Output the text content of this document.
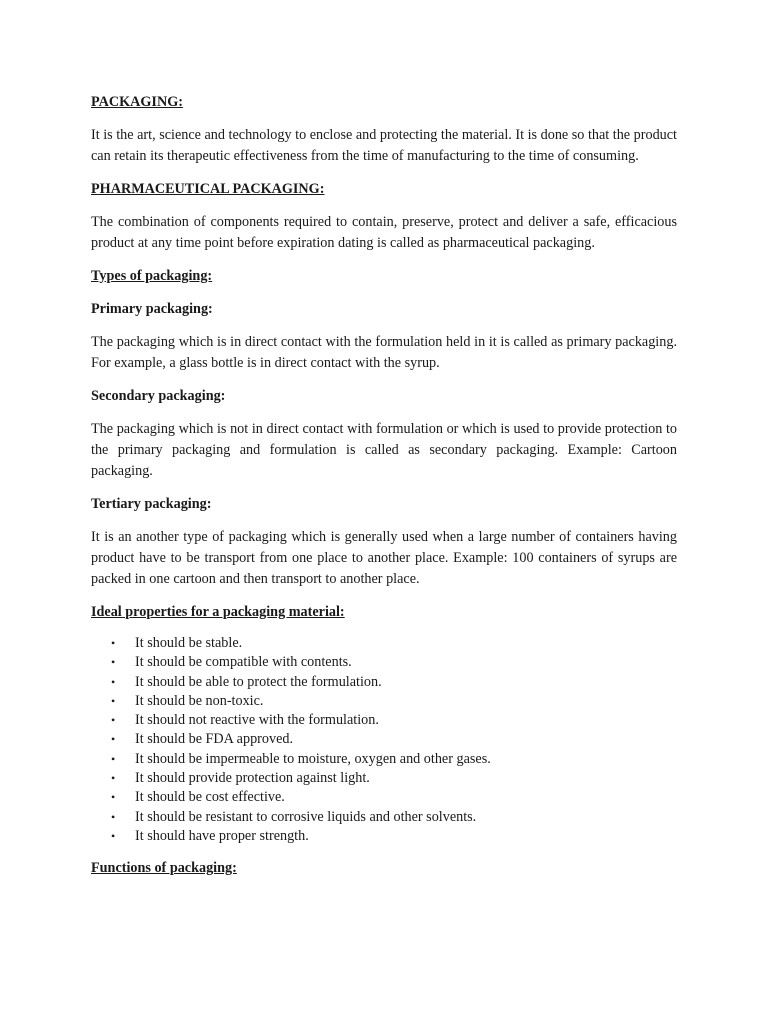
PACKAGING:

It is the art, science and technology to enclose and protecting the material. It is done so that the product can retain its therapeutic effectiveness from the time of manufacturing to the time of consuming.

PHARMACEUTICAL PACKAGING:

The combination of components required to contain, preserve, protect and deliver a safe, efficacious product at any time point before expiration dating is called as pharmaceutical packaging.

Types of packaging:

Primary packaging:

The packaging which is in direct contact with the formulation held in it is called as primary packaging. For example, a glass bottle is in direct contact with the syrup.

Secondary packaging:

The packaging which is not in direct contact with formulation or which is used to provide protection to the primary packaging and formulation is called as secondary packaging. Example: Cartoon packaging.

Tertiary packaging:

It is an another type of packaging which is generally used when a large number of containers having product have to be transport from one place to another place. Example: 100 containers of syrups are packed in one cartoon and then transport to another place.

Ideal properties for a packaging material:

• It should be stable.
• It should be compatible with contents.
• It should be able to protect the formulation.
• It should be non-toxic.
• It should not reactive with the formulation.
• It should be FDA approved.
• It should be impermeable to moisture, oxygen and other gases.
• It should provide protection against light.
• It should be cost effective.
• It should be resistant to corrosive liquids and other solvents.
• It should have proper strength.

Functions of packaging:
